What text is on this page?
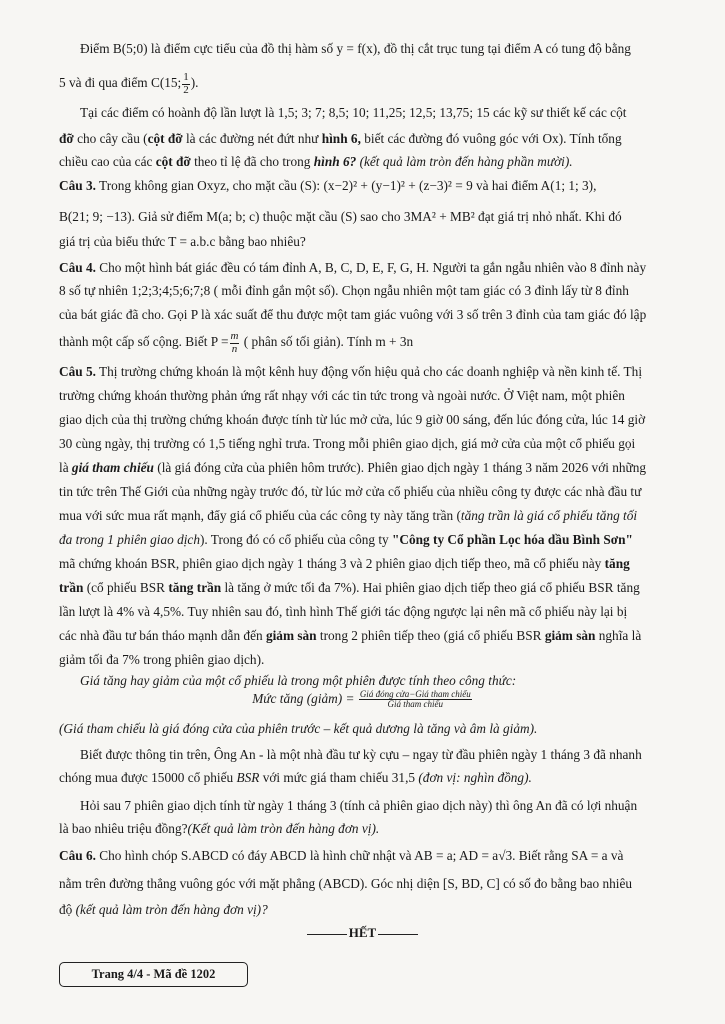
Điểm B(5;0) là điểm cực tiểu của đồ thị hàm số y = f(x), đồ thị cắt trục tung tại điểm A có tung độ bằng
5 và đi qua điểm C(15; $\frac{1}{2}$ ).
Tại các điểm có hoành độ lần lượt là 1,5; 3; 7; 8,5; 10; 11,25; 12,5; 13,75; 15 các kỹ sư thiết kế các cột
đỡ cho cây cầu (cột đỡ là các đường nét đứt như hình 6, biết các đường đó vuông góc với Ox). Tính tổng
chiều cao của các cột đỡ theo tỉ lệ đã cho trong hình 6? (kết quả làm tròn đến hàng phần mười).
Câu 3. Trong không gian Oxyz, cho mặt cầu (S): (x−2)² + (y−1)² + (z−3)² = 9 và hai điểm A(1; 1; 3),
B(21; 9; −13). Giả sử điểm M(a; b; c) thuộc mặt cầu (S) sao cho 3MA² + MB² đạt giá trị nhỏ nhất. Khi đó
giá trị của biểu thức T = a.b.c bằng bao nhiêu?
Câu 4. Cho một hình bát giác đều có tám đỉnh A, B, C, D, E, F, G, H. Người ta gắn ngẫu nhiên vào 8 đỉnh này
8 số tự nhiên 1;2;3;4;5;6;7;8 ( mỗi đỉnh gắn một số). Chọn ngẫu nhiên một tam giác có 3 đỉnh lấy từ 8 đỉnh
của bát giác đã cho. Gọi P là xác suất để thu được một tam giác vuông với 3 số trên 3 đỉnh của tam giác đó lập
thành một cấp số cộng. Biết $P = \frac{m}{n}$ ( phân số tối giản). Tính m + 3n
Câu 5. Thị trường chứng khoán là một kênh huy động vốn hiệu quả cho các doanh nghiệp và nền kinh tế. Thị
trường chứng khoán thường phản ứng rất nhạy với các tin tức trong và ngoài nước. Ở Việt nam, một phiên
giao dịch của thị trường chứng khoán được tính từ lúc mở cửa, lúc 9 giờ 00 sáng, đến lúc đóng cửa, lúc 14 giờ
30 cùng ngày, thị trường có 1,5 tiếng nghỉ trưa. Trong mỗi phiên giao dịch, giá mở cửa của một cổ phiếu gọi
là giá tham chiếu (là giá đóng cửa của phiên hôm trước). Phiên giao dịch ngày 1 tháng 3 năm 2026 với những
tin tức trên Thế Giới của những ngày trước đó, từ lúc mở cửa cổ phiếu của nhiều công ty được các nhà đầu tư
mua với sức mua rất mạnh, đẩy giá cổ phiếu của các công ty này tăng trần (tăng trần là giá cổ phiếu tăng tối
đa trong 1 phiên giao dịch). Trong đó có cổ phiếu của công ty "Công ty Cổ phần Lọc hóa dầu Bình Sơn"
mã chứng khoán BSR, phiên giao dịch ngày 1 tháng 3 và 2 phiên giao dịch tiếp theo, mã cổ phiếu này tăng
trần (cổ phiếu BSR tăng trần là tăng ở mức tối đa 7%). Hai phiên giao dịch tiếp theo giá cổ phiếu BSR tăng
lần lượt là 4% và 4,5%. Tuy nhiên sau đó, tình hình Thế giới tác động ngược lại nên mã cổ phiếu này lại bị
các nhà đầu tư bán tháo mạnh dẫn đến giảm sàn trong 2 phiên tiếp theo (giá cổ phiếu BSR giảm sàn nghĩa là
giảm tối đa 7% trong phiên giao dịch).
Giá tăng hay giảm của một cổ phiếu là trong một phiên được tính theo công thức:
Mức tăng (giảm) = $\frac{\text{Giá đóng cửa−Giá tham chiếu}}{\text{Giá tham chiếu}}$
(Giá tham chiếu là giá đóng cửa của phiên trước – kết quả dương là tăng và âm là giảm).
Biết được thông tin trên, Ông An - là một nhà đầu tư kỳ cựu – ngay từ đầu phiên ngày 1 tháng 3 đã nhanh
chóng mua được 15000 cổ phiếu BSR với mức giá tham chiếu 31,5 (đơn vị: nghìn đồng).
Hỏi sau 7 phiên giao dịch tính từ ngày 1 tháng 3 (tính cả phiên giao dịch này) thì ông An đã có lợi nhuận
là bao nhiêu triệu đồng?(Kết quả làm tròn đến hàng đơn vị).
Câu 6. Cho hình chóp S.ABCD có đáy ABCD là hình chữ nhật và AB = a; AD = a√3. Biết rằng SA = a và
nằm trên đường thẳng vuông góc với mặt phẳng (ABCD). Góc nhị diện [S, BD, C] có số đo bằng bao nhiêu
độ (kết quả làm tròn đến hàng đơn vị)?
HẾT
Trang 4/4 - Mã đề 1202
